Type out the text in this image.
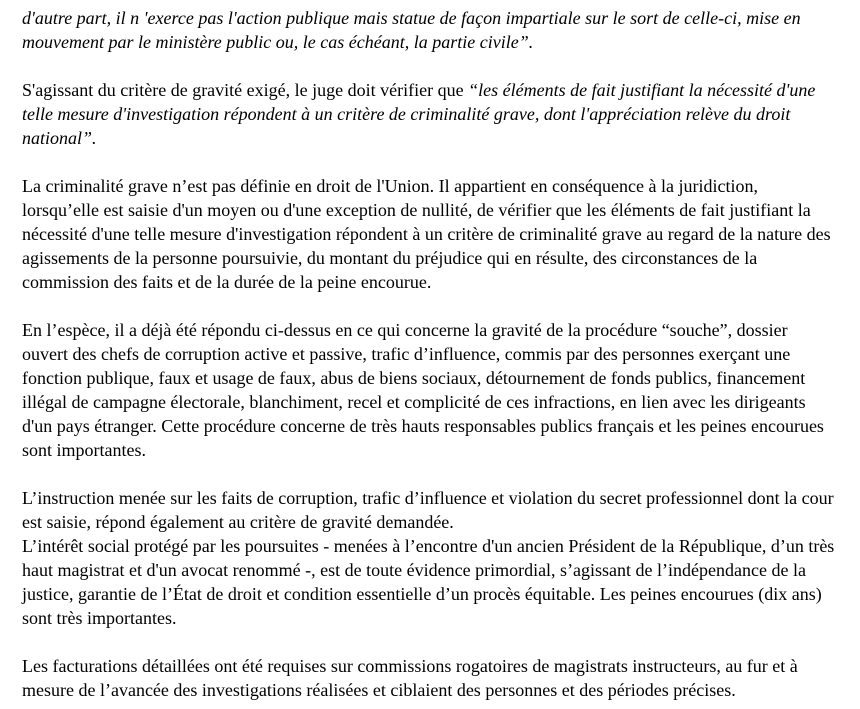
d'autre part, il n 'exerce pas l'action publique mais statue de façon impartiale sur le sort de celle-ci, mise en mouvement par le ministère public ou, le cas échéant, la partie civile”.

S'agissant du critère de gravité exigé, le juge doit vérifier que “les éléments de fait justifiant la nécessité d'une telle mesure d'investigation répondent à un critère de criminalité grave, dont l'appréciation relève du droit national”.

La criminalité grave n’est pas définie en droit de l'Union. Il appartient en conséquence à la juridiction, lorsqu’elle est saisie d'un moyen ou d'une exception de nullité, de vérifier que les éléments de fait justifiant la nécessité d'une telle mesure d'investigation répondent à un critère de criminalité grave au regard de la nature des agissements de la personne poursuivie, du montant du préjudice qui en résulte, des circonstances de la commission des faits et de la durée de la peine encourue.

En l’espèce, il a déjà été répondu ci-dessus en ce qui concerne la gravité de la procédure “souche”, dossier ouvert des chefs de corruption active et passive, trafic d’influence, commis par des personnes exerçant une fonction publique, faux et usage de faux, abus de biens sociaux, détournement de fonds publics, financement illégal de campagne électorale, blanchiment, recel et complicité de ces infractions, en lien avec les dirigeants d'un pays étranger. Cette procédure concerne de très hauts responsables publics français et les peines encourues sont importantes.

L’instruction menée sur les faits de corruption, trafic d’influence et violation du secret professionnel dont la cour est saisie, répond également au critère de gravité demandée.

L’intérêt social protégé par les poursuites - menées à l’encontre d'un ancien Président de la République, d’un très haut magistrat et d'un avocat renommé -, est de toute évidence primordial, s’agissant de l’indépendance de la justice, garantie de l’État de droit et condition essentielle d’un procès équitable. Les peines encourues (dix ans) sont très importantes.

Les facturations détaillées ont été requises sur commissions rogatoires de magistrats instructeurs, au fur et à mesure de l’avancée des investigations réalisées et ciblaient des personnes et des périodes précises.
